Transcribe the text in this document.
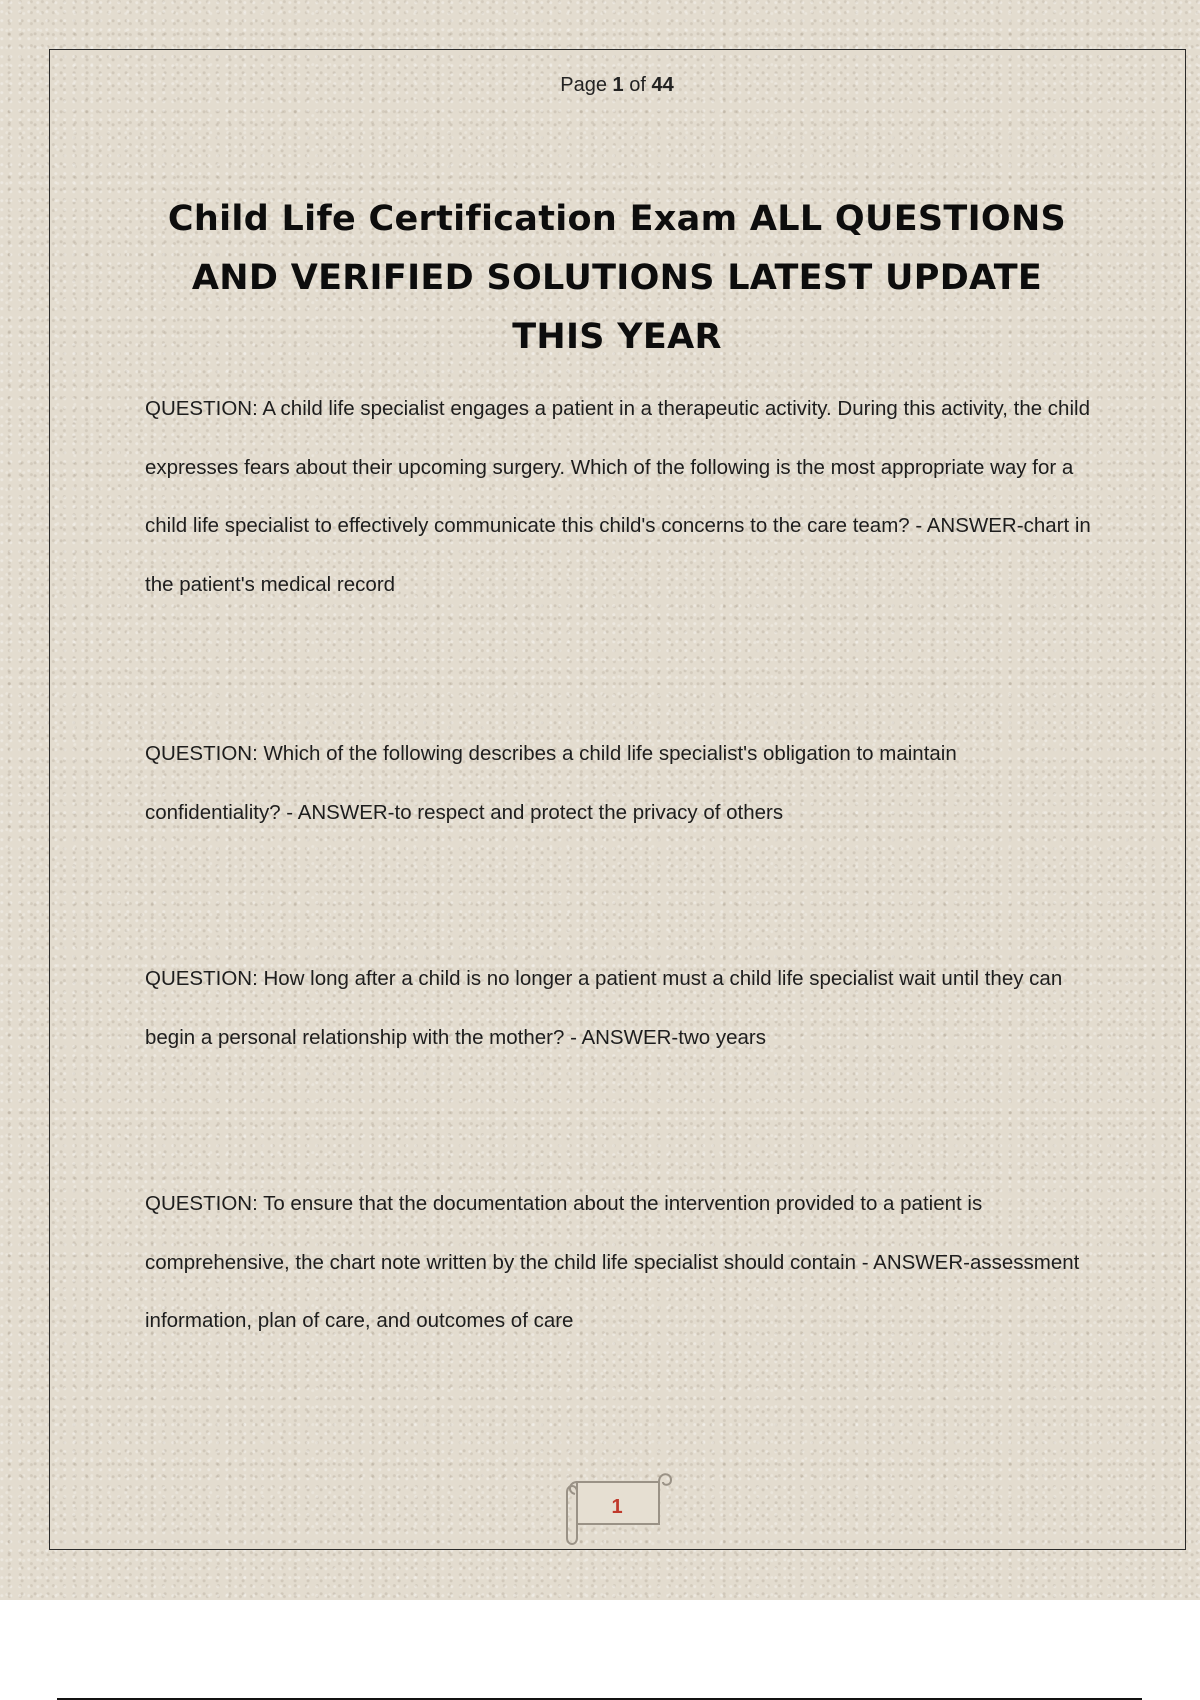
Page 1 of 44
Child Life Certification Exam ALL QUESTIONS AND VERIFIED SOLUTIONS LATEST UPDATE THIS YEAR

QUESTION: A child life specialist engages a patient in a therapeutic activity. During this activity, the child expresses fears about their upcoming surgery. Which of the following is the most appropriate way for a child life specialist to effectively communicate this child's concerns to the care team? - ANSWER-chart in the patient's medical record

QUESTION: Which of the following describes a child life specialist's obligation to maintain confidentiality? - ANSWER-to respect and protect the privacy of others

QUESTION: How long after a child is no longer a patient must a child life specialist wait until they can begin a personal relationship with the mother? - ANSWER-two years

QUESTION: To ensure that the documentation about the intervention provided to a patient is comprehensive, the chart note written by the child life specialist should contain - ANSWER-assessment information, plan of care, and outcomes of care

1
